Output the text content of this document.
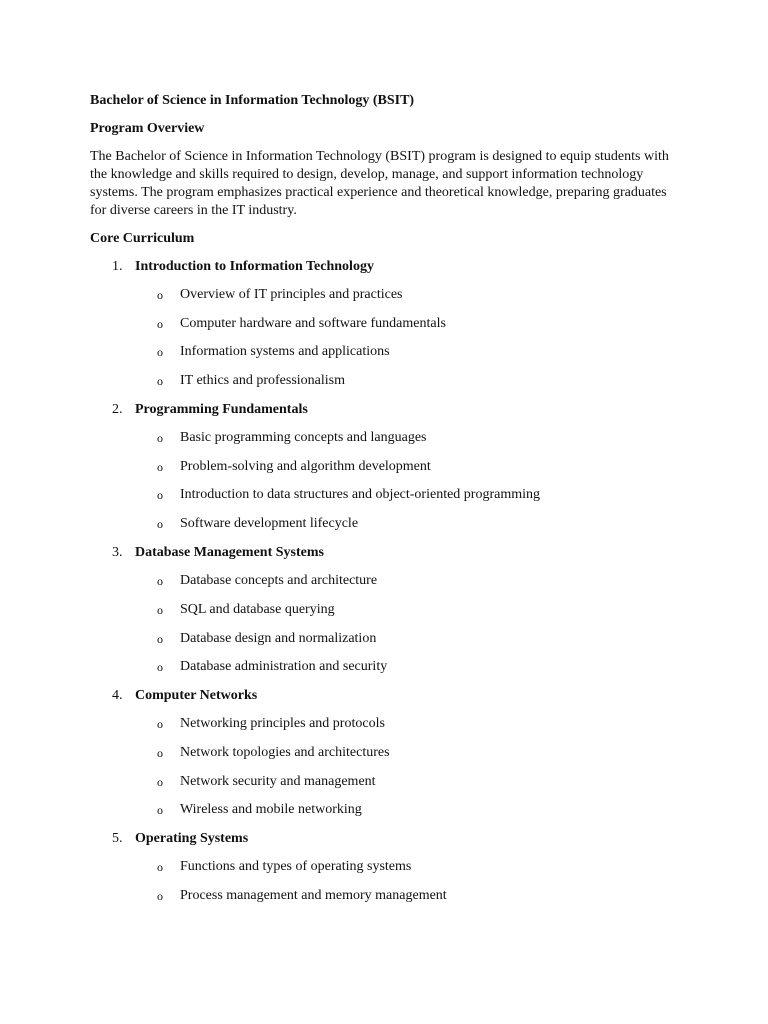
Bachelor of Science in Information Technology (BSIT)

Program Overview

The Bachelor of Science in Information Technology (BSIT) program is designed to equip students with the knowledge and skills required to design, develop, manage, and support information technology systems. The program emphasizes practical experience and theoretical knowledge, preparing graduates for diverse careers in the IT industry.

Core Curriculum

1. Introduction to Information Technology
o Overview of IT principles and practices
o Computer hardware and software fundamentals
o Information systems and applications
o IT ethics and professionalism
2. Programming Fundamentals
o Basic programming concepts and languages
o Problem-solving and algorithm development
o Introduction to data structures and object-oriented programming
o Software development lifecycle
3. Database Management Systems
o Database concepts and architecture
o SQL and database querying
o Database design and normalization
o Database administration and security
4. Computer Networks
o Networking principles and protocols
o Network topologies and architectures
o Network security and management
o Wireless and mobile networking
5. Operating Systems
o Functions and types of operating systems
o Process management and memory management
